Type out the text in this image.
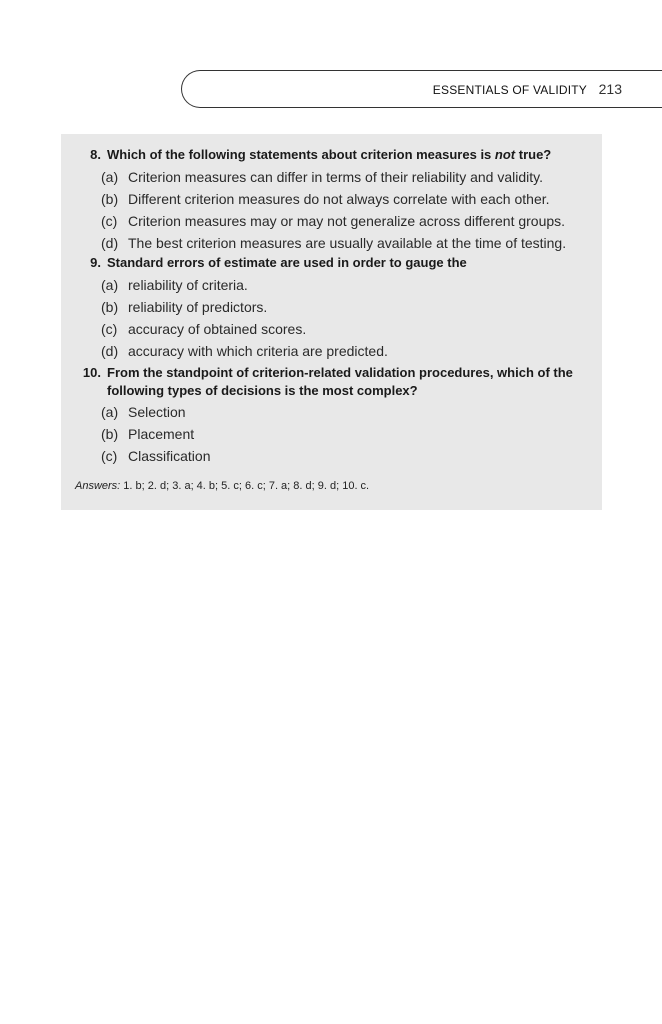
ESSENTIALS OF VALIDITY 213
8. Which of the following statements about criterion measures is not true?
(a) Criterion measures can differ in terms of their reliability and validity.
(b) Different criterion measures do not always correlate with each other.
(c) Criterion measures may or may not generalize across different groups.
(d) The best criterion measures are usually available at the time of testing.
9. Standard errors of estimate are used in order to gauge the
(a) reliability of criteria.
(b) reliability of predictors.
(c) accuracy of obtained scores.
(d) accuracy with which criteria are predicted.
10. From the standpoint of criterion-related validation procedures, which of the following types of decisions is the most complex?
(a) Selection
(b) Placement
(c) Classification
Answers: 1. b; 2. d; 3. a; 4. b; 5. c; 6. c; 7. a; 8. d; 9. d; 10. c.
